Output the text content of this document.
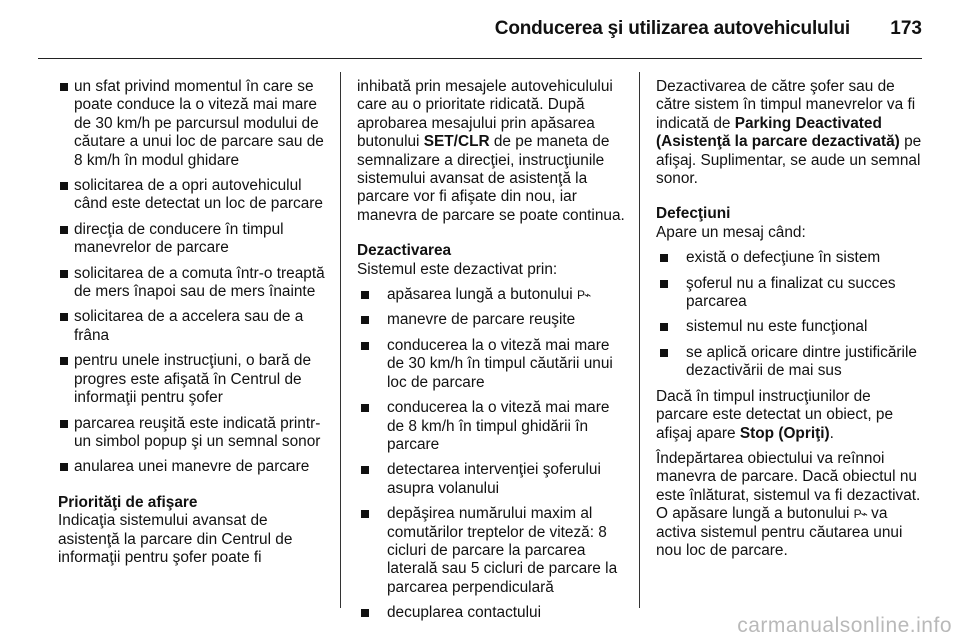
Conducerea şi utilizarea autovehiculului 173
un sfat privind momentul în care se poate conduce la o viteză mai mare de 30 km/h pe parcursul modului de căutare a unui loc de parcare sau de 8 km/h în modul ghidare
solicitarea de a opri autovehiculul când este detectat un loc de parcare
direcţia de conducere în timpul manevrelor de parcare
solicitarea de a comuta într-o treaptă de mers înapoi sau de mers înainte
solicitarea de a accelera sau de a frâna
pentru unele instrucţiuni, o bară de progres este afişată în Centrul de informaţii pentru şofer
parcarea reuşită este indicată printr-un simbol popup şi un semnal sonor
anularea unei manevre de parcare

Priorităţi de afişare

Indicaţia sistemului avansat de asistenţă la parcare din Centrul de informaţii pentru şofer poate fi

inhibată prin mesajele autovehiculului care au o prioritate ridicată. După aprobarea mesajului prin apăsarea butonului SET/CLR de pe maneta de semnalizare a direcţiei, instrucţiunile sistemului avansat de asistenţă la parcare vor fi afişate din nou, iar manevra de parcare se poate continua.

Dezactivarea

Sistemul este dezactivat prin:

apăsarea lungă a butonului P⌁
manevre de parcare reuşite
conducerea la o viteză mai mare de 30 km/h în timpul căutării unui loc de parcare
conducerea la o viteză mai mare de 8 km/h în timpul ghidării în parcare
detectarea intervenţiei şoferului asupra volanului
depăşirea numărului maxim al comutărilor treptelor de viteză: 8 cicluri de parcare la parcarea laterală sau 5 cicluri de parcare la parcarea perpendiculară
decuplarea contactului

Dezactivarea de către şofer sau de către sistem în timpul manevrelor va fi indicată de Parking Deactivated (Asistenţă la parcare dezactivată) pe afişaj. Suplimentar, se aude un semnal sonor.

Defecţiuni

Apare un mesaj când:

există o defecţiune în sistem
şoferul nu a finalizat cu succes parcarea
sistemul nu este funcţional
se aplică oricare dintre justificările dezactivării de mai sus

Dacă în timpul instrucţiunilor de parcare este detectat un obiect, pe afişaj apare Stop (Opriţi).

Îndepărtarea obiectului va reînnoi manevra de parcare. Dacă obiectul nu este înlăturat, sistemul va fi dezactivat. O apăsare lungă a butonului P⌁ va activa sistemul pentru căutarea unui nou loc de parcare.

carmanualsonline.info
